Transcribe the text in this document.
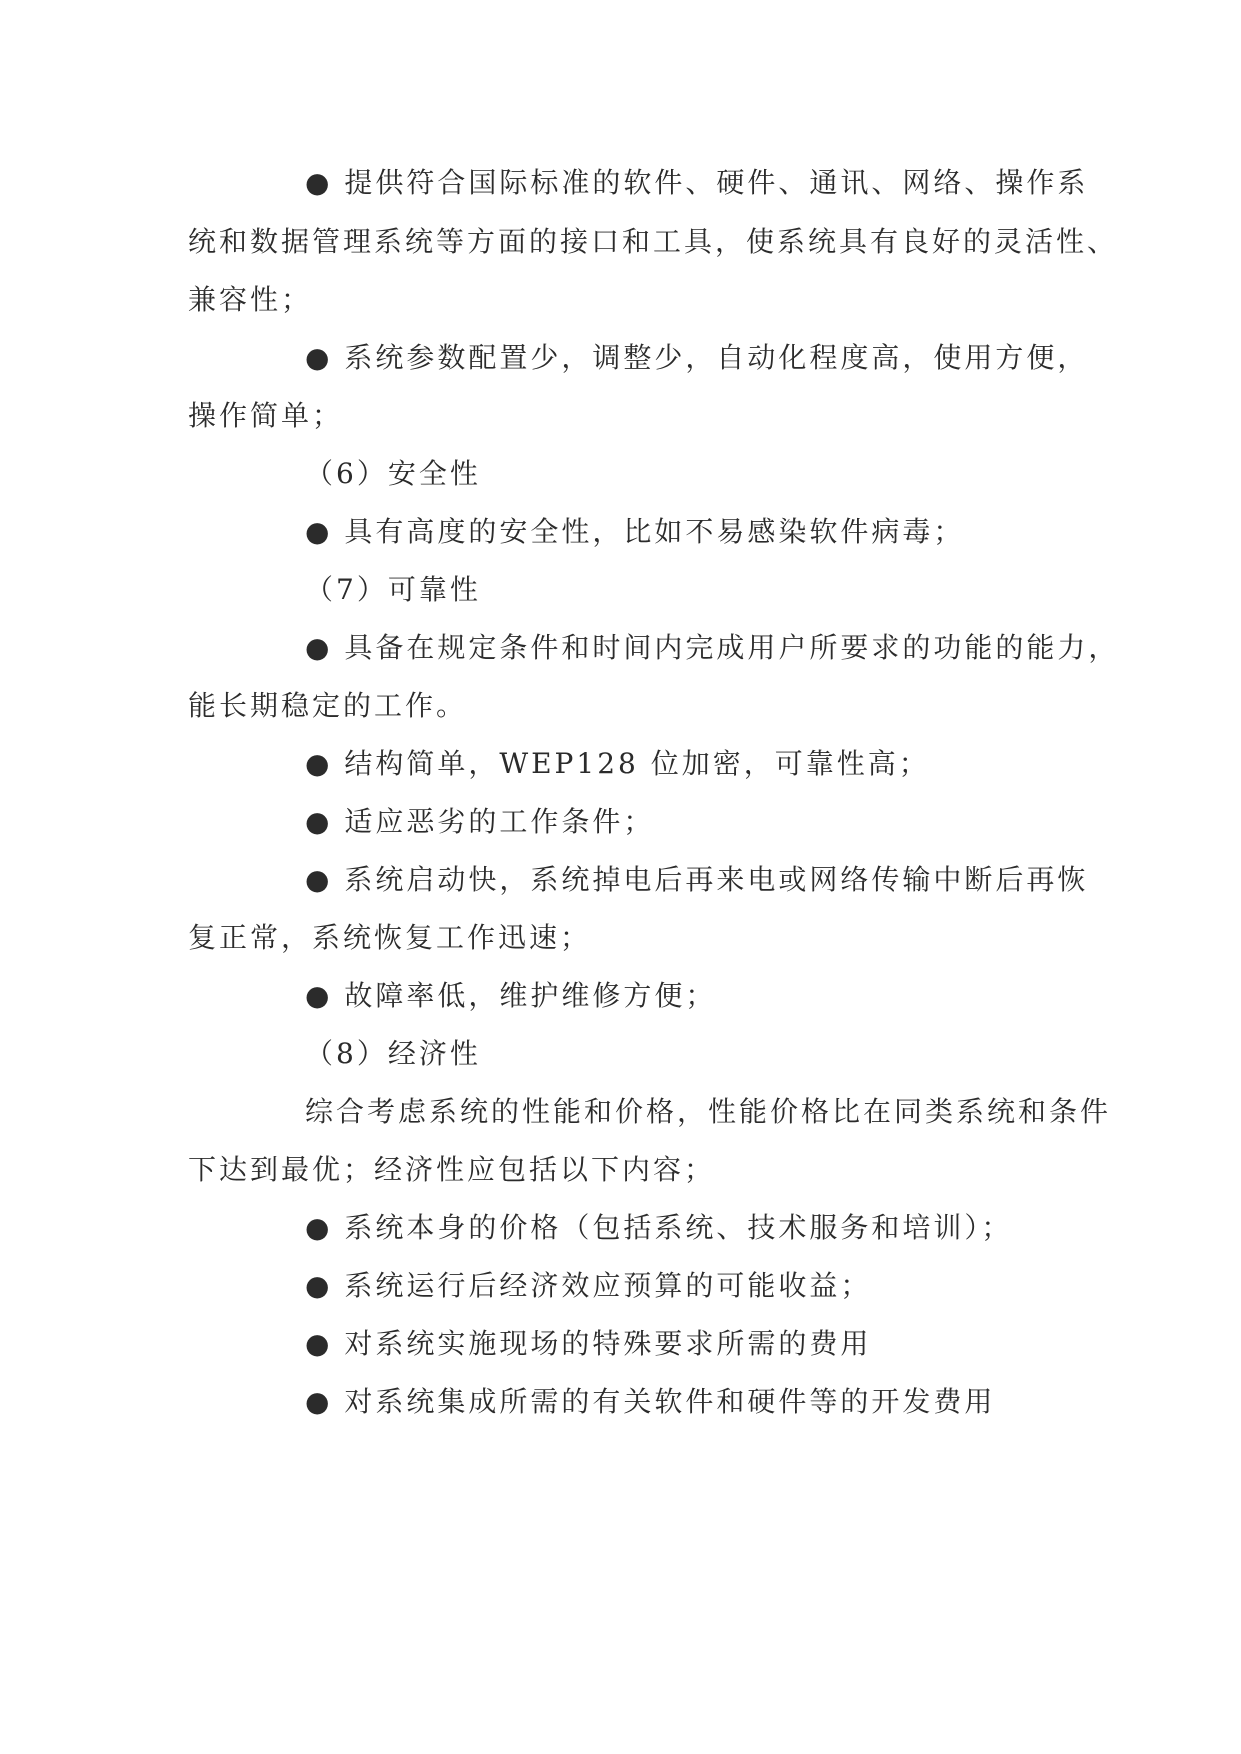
● 提供符合国际标准的软件、硬件、通讯、网络、操作系
统和数据管理系统等方面的接口和工具，使系统具有良好的灵活性、
兼容性；
● 系统参数配置少，调整少，自动化程度高，使用方便，
操作简单；
（6）安全性
● 具有高度的安全性，比如不易感染软件病毒；
（7）可靠性
● 具备在规定条件和时间内完成用户所要求的功能的能力，
能长期稳定的工作。
● 结构简单，WEP128 位加密，可靠性高；
● 适应恶劣的工作条件；
● 系统启动快，系统掉电后再来电或网络传输中断后再恢
复正常，系统恢复工作迅速；
● 故障率低，维护维修方便；
（8）经济性
综合考虑系统的性能和价格，性能价格比在同类系统和条件
下达到最优；经济性应包括以下内容；
● 系统本身的价格（包括系统、技术服务和培训）；
● 系统运行后经济效应预算的可能收益；
● 对系统实施现场的特殊要求所需的费用
● 对系统集成所需的有关软件和硬件等的开发费用
